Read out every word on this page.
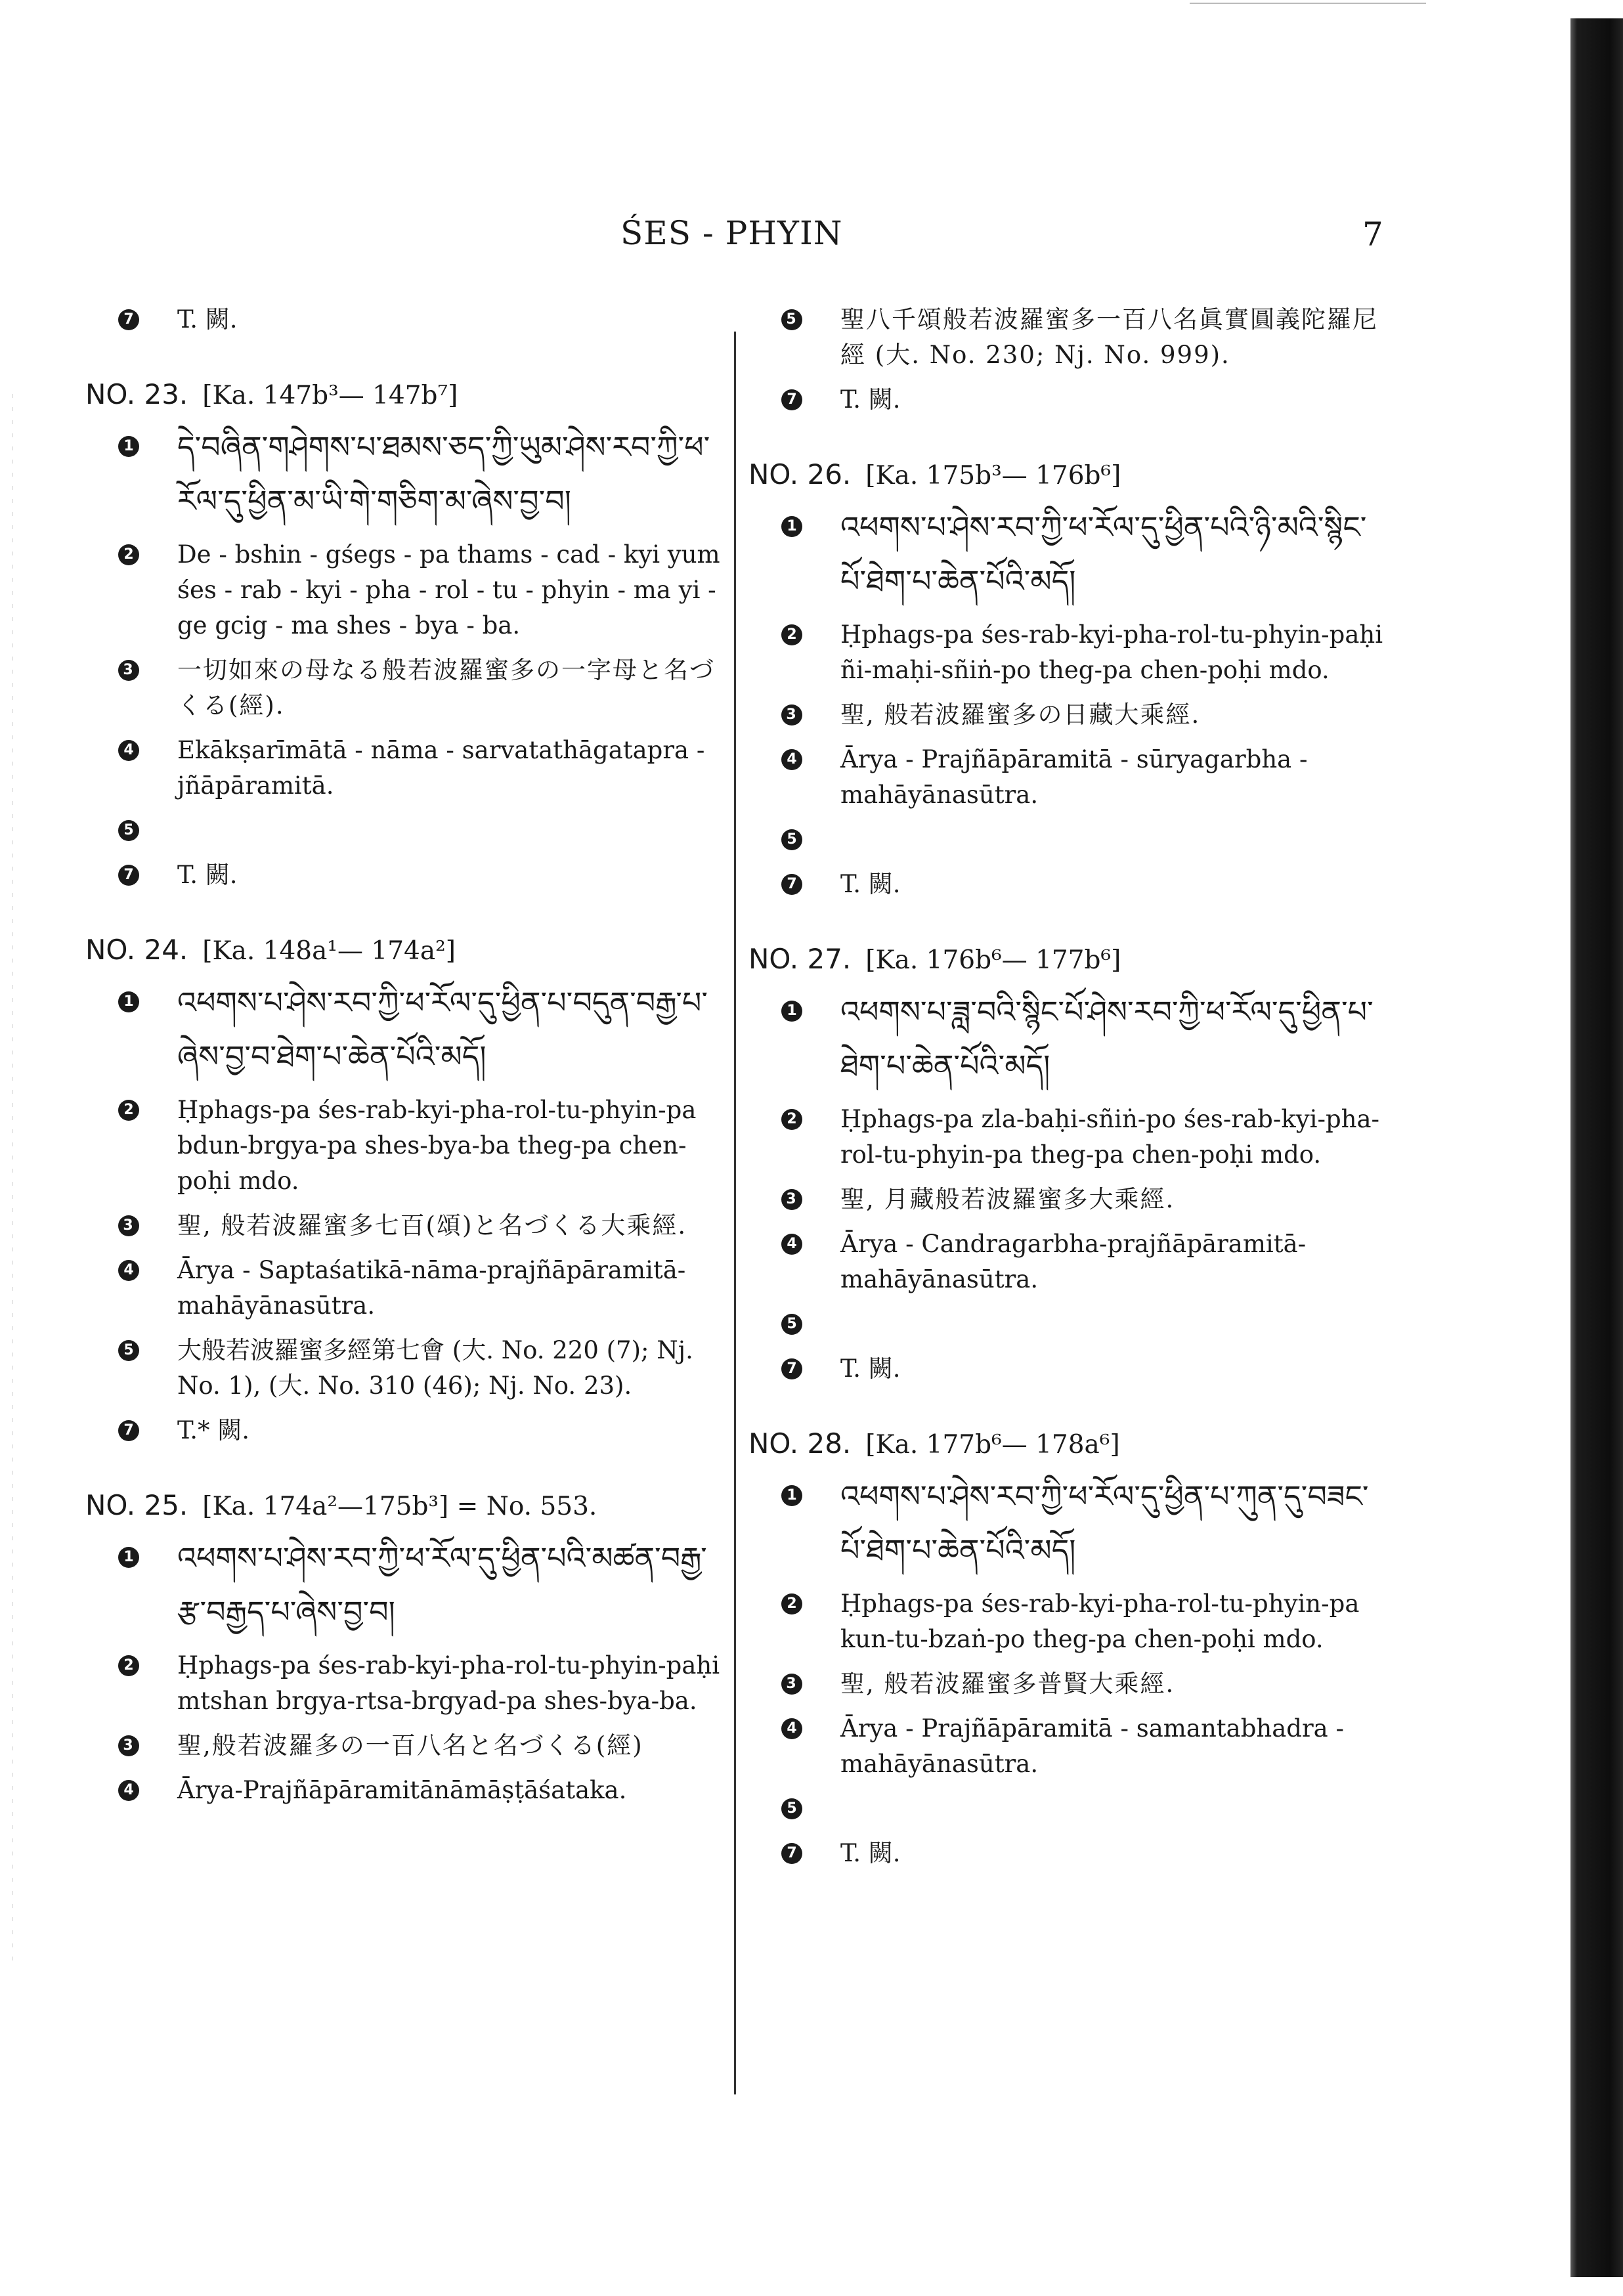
ŚES - PHYIN	7
7 T. 闕.
NO. 23. [Ka. 147b³— 147b⁷]
1 དེ་བཞིན་གཤེགས་པ་ཐམས་ཅད་ཀྱི་ཡུམ་ཤེས་རབ་ཀྱི་ཕ་རོལ་དུ་ཕྱིན་མ་ཡི་གེ་གཅིག་མ་ཞེས་བྱ་བ།
2 De - bshin - gśegs - pa thams - cad - kyi yum śes - rab - kyi - pha - rol - tu - phyin - ma yi - ge gcig - ma shes - bya - ba.
3 一切如來の母なる般若波羅蜜多の一字母と名づくる(經).
4 Ekākṣarīmātā - nāma - sarvatathāgatapra - jñāpāramitā.
5
7 T. 闕.
NO. 24. [Ka. 148a¹— 174a²]
1 འཕགས་པ་ཤེས་རབ་ཀྱི་ཕ་རོལ་དུ་ཕྱིན་པ་བདུན་བརྒྱ་པ་ཞེས་བྱ་བ་ཐེག་པ་ཆེན་པོའི་མདོ།
2 Ḥphags-pa śes-rab-kyi-pha-rol-tu-phyin-pa bdun-brgya-pa shes-bya-ba theg-pa chen-poḥi mdo.
3 聖, 般若波羅蜜多七百(頌)と名づくる大乘經.
4 Ārya - Saptaśatikā-nāma-prajñāpāramitā-mahāyānasūtra.
5 大般若波羅蜜多經第七會 (大. No. 220 (7); Nj. No. 1), (大. No. 310 (46); Nj. No. 23).
7 T.* 闕.
NO. 25. [Ka. 174a²—175b³] = No. 553.
1 འཕགས་པ་ཤེས་རབ་ཀྱི་ཕ་རོལ་དུ་ཕྱིན་པའི་མཚན་བརྒྱ་རྩ་བརྒྱད་པ་ཞེས་བྱ་བ།
2 Ḥphags-pa śes-rab-kyi-pha-rol-tu-phyin-paḥi mtshan brgya-rtsa-brgyad-pa shes-bya-ba.
3 聖,般若波羅多の一百八名と名づくる(經)
4 Ārya-Prajñāpāramitānāmāṣṭāśataka.
5 聖八千頌般若波羅蜜多一百八名眞實圓義陀羅尼經 (大. No. 230; Nj. No. 999).
7 T. 闕.
NO. 26. [Ka. 175b³— 176b⁶]
1 འཕགས་པ་ཤེས་རབ་ཀྱི་ཕ་རོལ་དུ་ཕྱིན་པའི་ཉི་མའི་སྙིང་པོ་ཐེག་པ་ཆེན་པོའི་མདོ།
2 Ḥphags-pa śes-rab-kyi-pha-rol-tu-phyin-paḥi ñi-maḥi-sñiṅ-po theg-pa chen-poḥi mdo.
3 聖, 般若波羅蜜多の日藏大乘經.
4 Ārya - Prajñāpāramitā - sūryagarbha - mahāyānasūtra.
5
7 T. 闕.
NO. 27. [Ka. 176b⁶— 177b⁶]
1 འཕགས་པ་ཟླ་བའི་སྙིང་པོ་ཤེས་རབ་ཀྱི་ཕ་རོལ་དུ་ཕྱིན་པ་ཐེག་པ་ཆེན་པོའི་མདོ།
2 Ḥphags-pa zla-baḥi-sñiṅ-po śes-rab-kyi-pha-rol-tu-phyin-pa theg-pa chen-poḥi mdo.
3 聖, 月藏般若波羅蜜多大乘經.
4 Ārya - Candragarbha-prajñāpāramitā-mahāyānasūtra.
5
7 T. 闕.
NO. 28. [Ka. 177b⁶— 178a⁶]
1 འཕགས་པ་ཤེས་རབ་ཀྱི་ཕ་རོལ་དུ་ཕྱིན་པ་ཀུན་དུ་བཟང་པོ་ཐེག་པ་ཆེན་པོའི་མདོ།
2 Ḥphags-pa śes-rab-kyi-pha-rol-tu-phyin-pa kun-tu-bzaṅ-po theg-pa chen-poḥi mdo.
3 聖, 般若波羅蜜多普賢大乘經.
4 Ārya - Prajñāpāramitā - samantabhadra - mahāyānasūtra.
5
7 T. 闕.
